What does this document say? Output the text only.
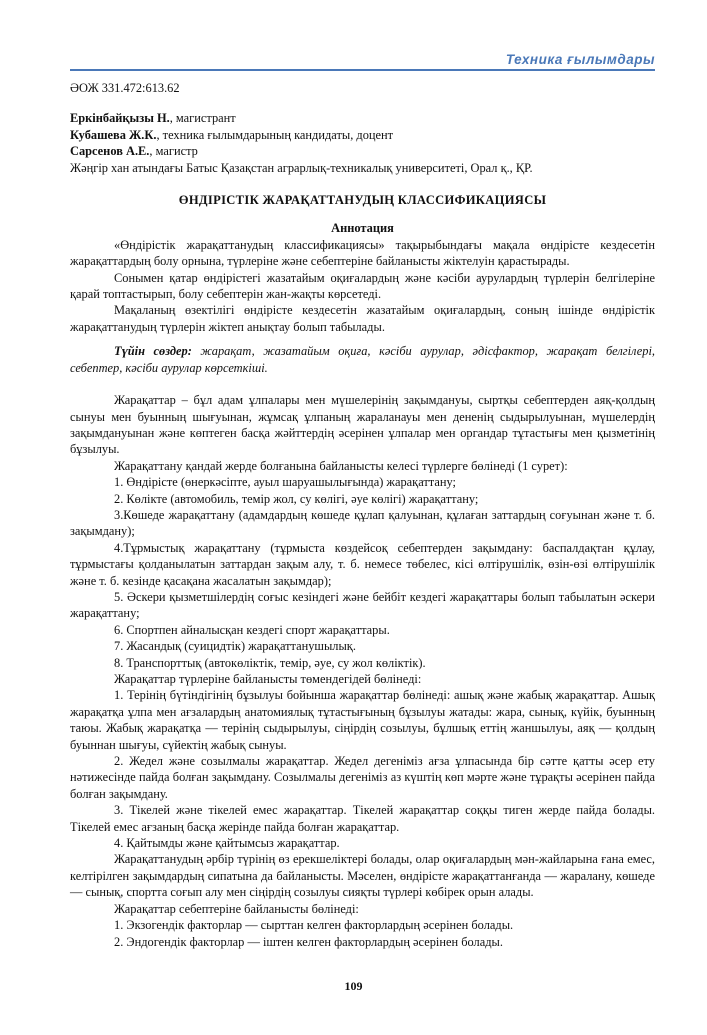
Техника ғылымдары

ӘОЖ 331.472:613.62

Еркінбайқызы Н., магистрант

Кубашева Ж.К., техника ғылымдарының кандидаты, доцент

Сарсенов А.Е., магистр

Жәңгір хан атындағы Батыс Қазақстан аграрлық-техникалық университеті, Орал қ., ҚР.

ӨНДІРІСТІК ЖАРАҚАТТАНУДЫҢ КЛАССИФИКАЦИЯСЫ

Аннотация

«Өндірістік жарақаттанудың классификациясы» тақырыбындағы мақала өндірісте кездесетін жарақаттардың болу орнына, түрлеріне және себептеріне байланысты жіктелуін қарастырады.

Сонымен қатар өндірістегі жазатайым оқиғалардың және кәсіби аурулардың түрлерін белгілеріне қарай топтастырып, болу себептерін жан-жақты көрсетеді.

Мақаланың өзектілігі өндірісте кездесетін жазатайым оқиғалардың, соның ішінде өндірістік жарақаттанудың түрлерін жіктеп анықтау болып табылады.

Түйін сөздер: жарақат, жазатайым оқиға, кәсіби аурулар, әдісфактор, жарақат белгілері, себептер, кәсіби аурулар көрсеткіші.

Жарақаттар – бұл адам ұлпалары мен мүшелерінің зақымдануы, сыртқы себептерден аяқ-қолдың сынуы мен буынның шығуынан, жұмсақ ұлпаның жараланауы мен дененің сыдырылуынан, мүшелердің зақымдануынан және көптеген басқа жәйттердің әсерінен ұлпалар мен органдар тұтастығы мен қызметінің бұзылуы.

Жарақаттану қандай жерде болғанына байланысты келесі түрлерге бөлінеді (1 сурет):

1. Өндірісте (өнеркәсіпте, ауыл шаруашылығында) жарақаттану;

2. Көлікте (автомобиль, темір жол, су көлігі, әуе көлігі) жарақаттану;

3.Көшеде жарақаттану (адамдардың көшеде құлап қалуынан, құлаған заттардың соғуынан және т. б. зақымдану);

4.Тұрмыстық жарақаттану (тұрмыста көздейсоқ себептерден зақымдану: баспалдақтан құлау, тұрмыстағы қолданылатын заттардан зақым алу, т. б. немесе төбелес, кісі өлтірушілік, өзін-өзі өлтірушілік және т. б. кезінде қасақана жасалатын зақымдар);

5. Әскери қызметшілердің соғыс кезіндегі және бейбіт кездегі жарақаттары болып табылатын әскери жарақаттану;

6. Спортпен айналысқан кездегі спорт жарақаттары.

7. Жасандық (суицидтік) жарақаттанушылық.

8. Транспорттық (автокөліктік, темір, әуе, су жол көліктік).

Жарақаттар түрлеріне байланысты төмендегідей бөлінеді:

1. Терінің бүтіндігінің бұзылуы бойынша жарақаттар бөлінеді: ашық және жабық жарақаттар. Ашық жарақатқа ұлпа мен ағзалардың анатомиялық тұтастығының бұзылуы жатады: жара, сынық, күйік, буынның таюы. Жабық жарақатқа — терінің сыдырылуы, сіңірдің созылуы, бұлшық еттің жаншылуы, аяқ — қолдың буыннан шығуы, сүйектің жабық сынуы.

2. Жедел және созылмалы жарақаттар. Жедел дегеніміз ағза ұлпасында бір сәтте қатты әсер ету нәтижесінде пайда болған зақымдану. Созылмалы дегеніміз аз күштің көп мәрте және тұрақты әсерінен пайда болған зақымдану.

3. Тікелей және тікелей емес жарақаттар. Тікелей жарақаттар соққы тиген жерде пайда болады. Тікелей емес ағзаның басқа жерінде пайда болған жарақаттар.

4. Қайтымды және қайтымсыз жарақаттар.

Жарақаттанудың әрбір түрінің өз ерекшеліктері болады, олар оқиғалардың мән-жайларына ғана емес, келтірілген зақымдардың сипатына да байланысты. Мәселен, өндірісте жарақаттанғанда — жаралану, көшеде — сынық, спортта соғып алу мен сіңірдің созылуы сияқты түрлері көбірек орын алады.

Жарақаттар себептеріне байланысты бөлінеді:

1. Экзогендік факторлар — сырттан келген факторлардың әсерінен болады.

2. Эндогендік факторлар — іштен келген факторлардың әсерінен болады.

109
